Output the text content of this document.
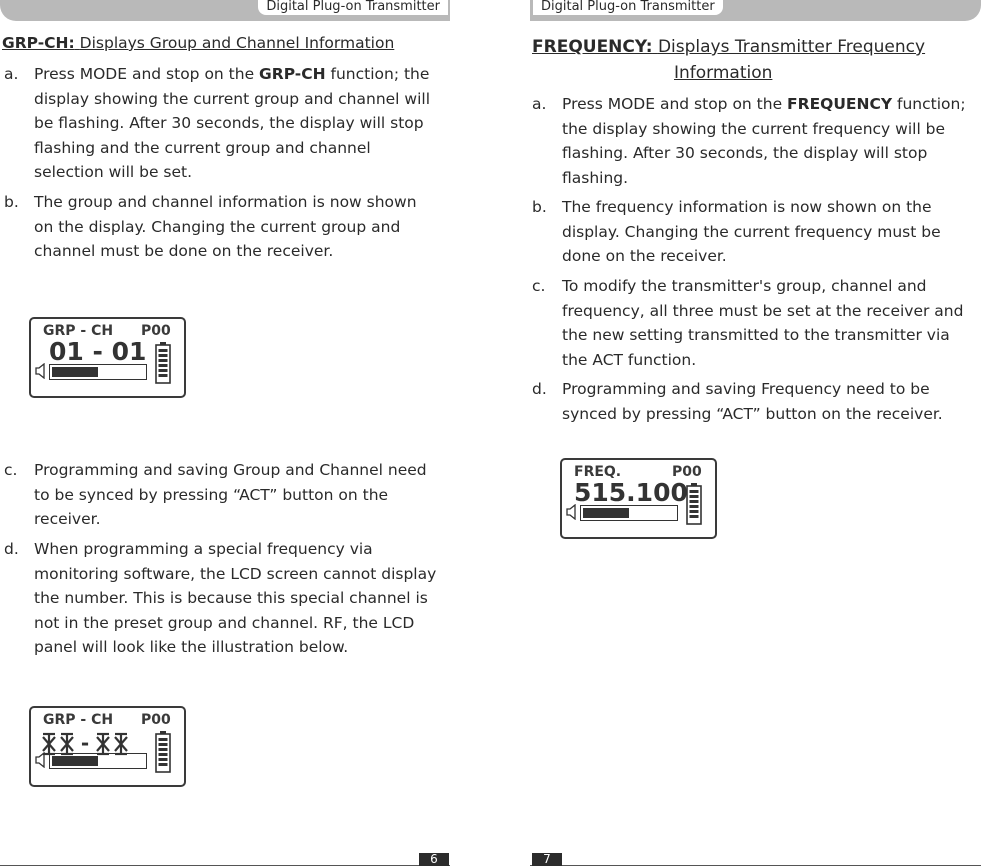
Digital Plug-on Transmitter
GRP-CH: Displays Group and Channel Information
a. Press MODE and stop on the GRP-CH function; the display showing the current group and channel will be flashing. After 30 seconds, the display will stop flashing and the current group and channel selection will be set.
b. The group and channel information is now shown on the display. Changing the current group and channel must be done on the receiver.
GRP - CH P00
01 - 01
c. Programming and saving Group and Channel need to be synced by pressing “ACT” button on the receiver.
d. When programming a special frequency via monitoring software, the LCD screen cannot display the number. This is because this special channel is not in the preset group and channel. RF, the LCD panel will look like the illustration below.
GRP - CH P00
-
6
Digital Plug-on Transmitter
FREQUENCY: Displays Transmitter Frequency
Information
a. Press MODE and stop on the FREQUENCY function; the display showing the current frequency will be flashing. After 30 seconds, the display will stop flashing.
b. The frequency information is now shown on the display. Changing the current frequency must be done on the receiver.
c. To modify the transmitter's group, channel and frequency, all three must be set at the receiver and the new setting transmitted to the transmitter via the ACT function.
d. Programming and saving Frequency need to be synced by pressing “ACT” button on the receiver.
FREQ.	P00
515.100
7
